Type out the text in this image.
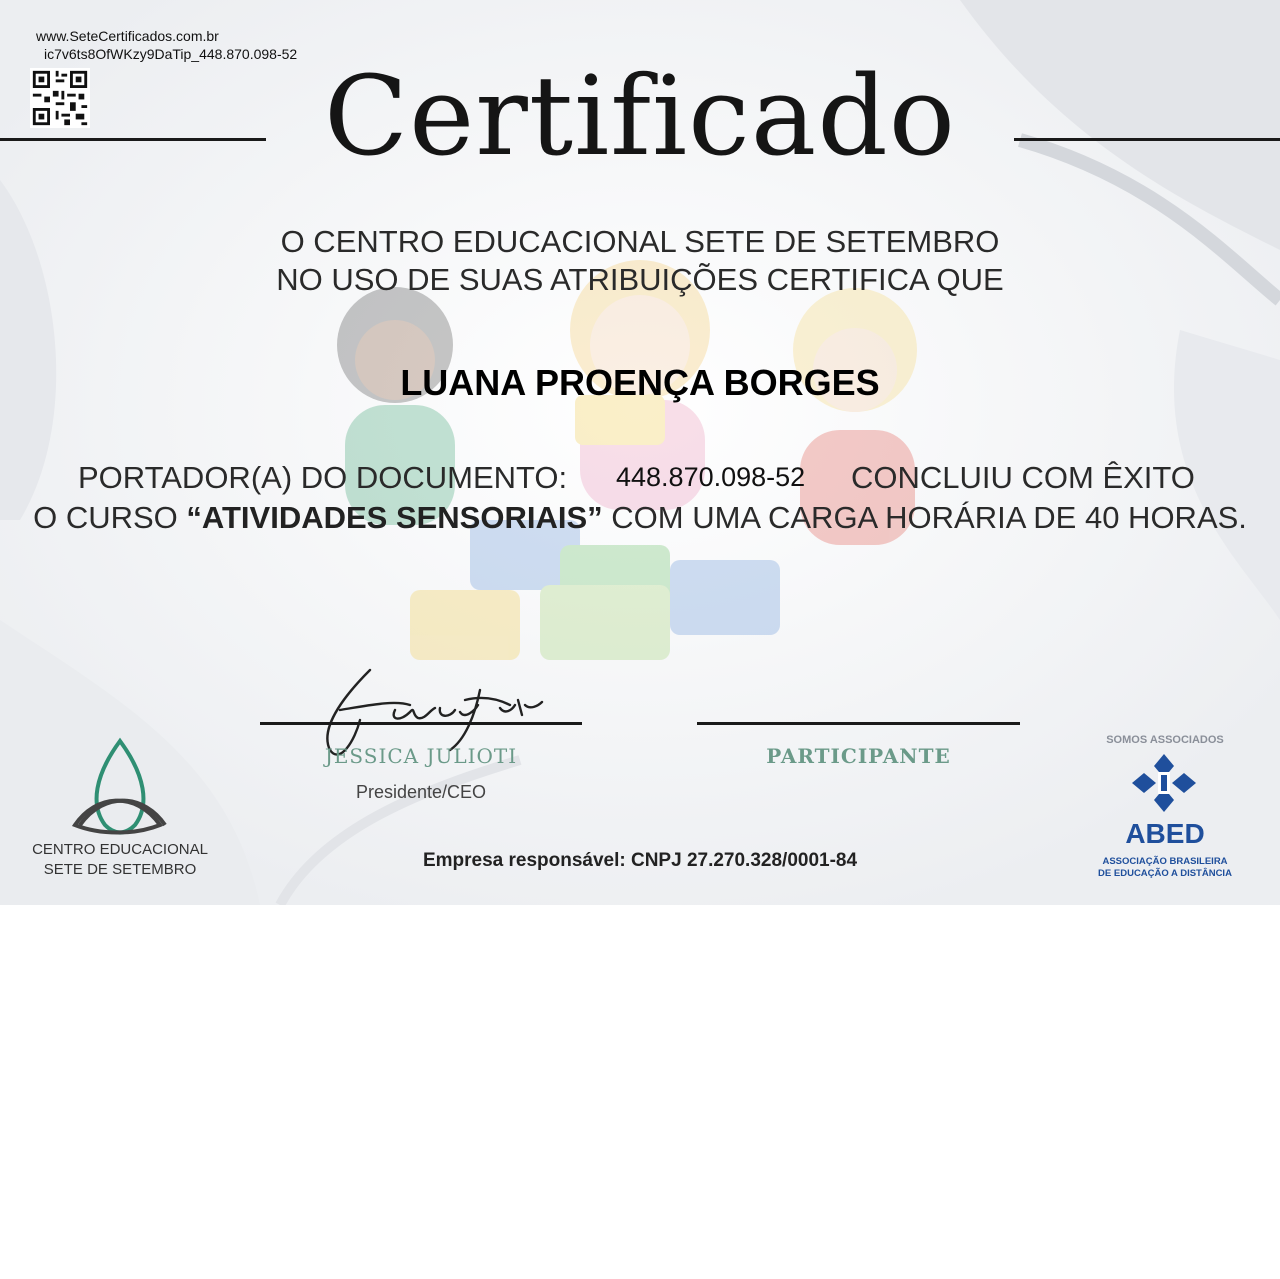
www.SeteCertificados.com.br
ic7v6ts8OfWKzy9DaTip_448.870.098-52 Certificado
O CENTRO EDUCACIONAL SETE DE SETEMBRO
NO USO DE SUAS ATRIBUIÇÕES CERTIFICA QUE
LUANA PROENÇA BORGES
PORTADOR(A) DO DOCUMENTO: 448.870.098-52 CONCLUIU COM ÊXITO
O CURSO “ATIVIDADES SENSORIAIS” COM UMA CARGA HORÁRIA DE 40 HORAS.
JESSICA JULIOTI
Presidente/CEO
PARTICIPANTE
CENTRO EDUCACIONAL
SETE DE SETEMBRO	Empresa responsável: CNPJ 27.270.328/0001-84
SOMOS ASSOCIADOS
ABED
ASSOCIAÇÃO BRASILEIRA
DE EDUCAÇÃO A DISTÂNCIA
